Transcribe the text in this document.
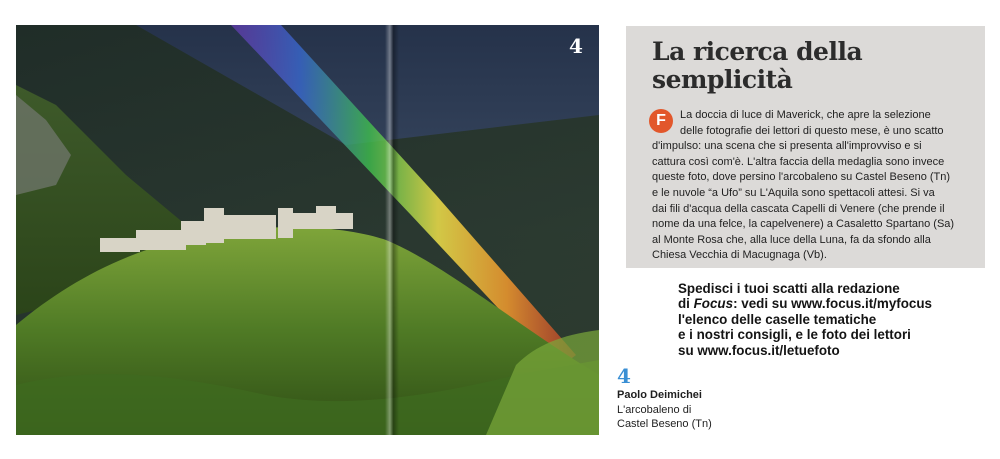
4	La ricerca della
semplicità
F	La doccia di luce di Maverick, che apre la selezione

delle fotografie dei lettori di questo mese, è uno scatto

d'impulso: una scena che si presenta all'improvviso e si

cattura così com'è. L'altra faccia della medaglia sono invece

queste foto, dove persino l'arcobaleno su Castel Beseno (Tn)

e le nuvole “a Ufo” su L'Aquila sono spettacoli attesi. Si va

dai fili d'acqua della cascata Capelli di Venere (che prende il

nome da una felce, la capelvenere) a Casaletto Spartano (Sa)

al Monte Rosa che, alla luce della Luna, fa da sfondo alla

Chiesa Vecchia di Macugnaga (Vb).

Spedisci i tuoi scatti alla redazione

di Focus: vedi su www.focus.it/myfocus

l'elenco delle caselle tematiche

e i nostri consigli, e le foto dei lettori

su www.focus.it/letuefoto

4
Paolo Deimichei
L'arcobaleno di
Castel Beseno (Tn)
